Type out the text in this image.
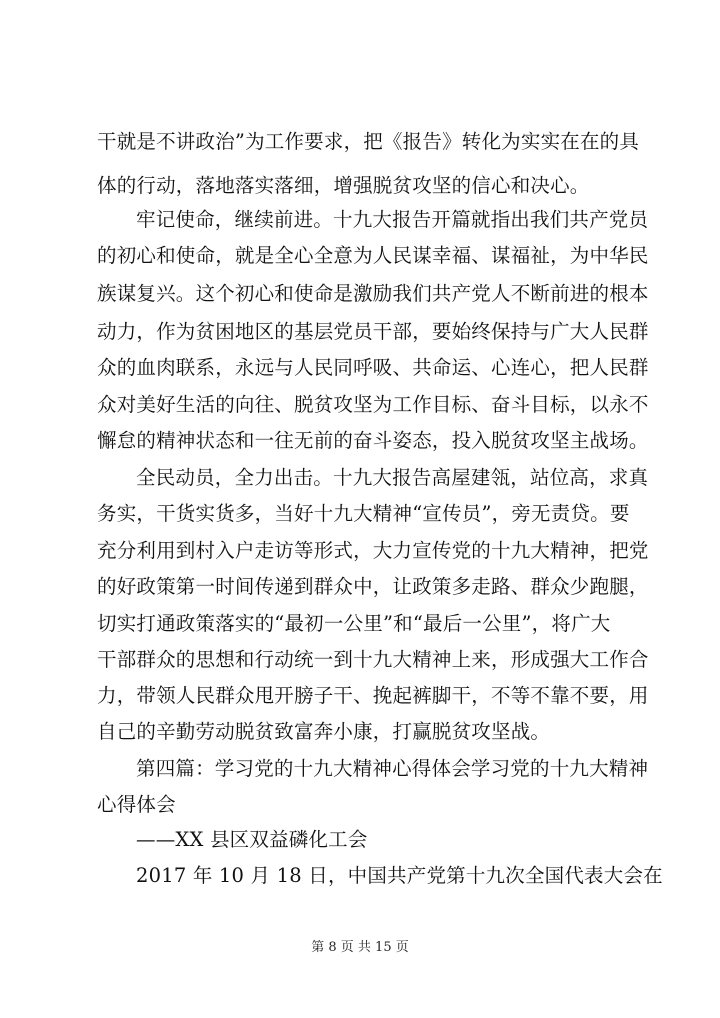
干就是不讲政治”为工作要求，把《报告》转化为实实在在的具
体的行动，落地落实落细，增强脱贫攻坚的信心和决心。
牢记使命，继续前进。十九大报告开篇就指出我们共产党员
的初心和使命，就是全心全意为人民谋幸福、谋福祉，为中华民
族谋复兴。这个初心和使命是激励我们共产党人不断前进的根本
动力，作为贫困地区的基层党员干部，要始终保持与广大人民群
众的血肉联系，永远与人民同呼吸、共命运、心连心，把人民群
众对美好生活的向往、脱贫攻坚为工作目标、奋斗目标，以永不
懈怠的精神状态和一往无前的奋斗姿态，投入脱贫攻坚主战场。
全民动员，全力出击。十九大报告高屋建瓴，站位高，求真
务实，干货实货多，当好十九大精神“宣传员”，旁无责贷。要
充分利用到村入户走访等形式，大力宣传党的十九大精神，把党
的好政策第一时间传递到群众中，让政策多走路、群众少跑腿，
切实打通政策落实的“最初一公里”和“最后一公里”，将广大
干部群众的思想和行动统一到十九大精神上来，形成强大工作合
力，带领人民群众甩开膀子干、挽起裤脚干，不等不靠不要，用
自己的辛勤劳动脱贫致富奔小康，打赢脱贫攻坚战。
第四篇：学习党的十九大精神心得体会学习党的十九大精神
心得体会
——XX 县区双益磷化工会
2017 年 10 月 18 日，中国共产党第十九次全国代表大会在
第 8 页 共 15 页
